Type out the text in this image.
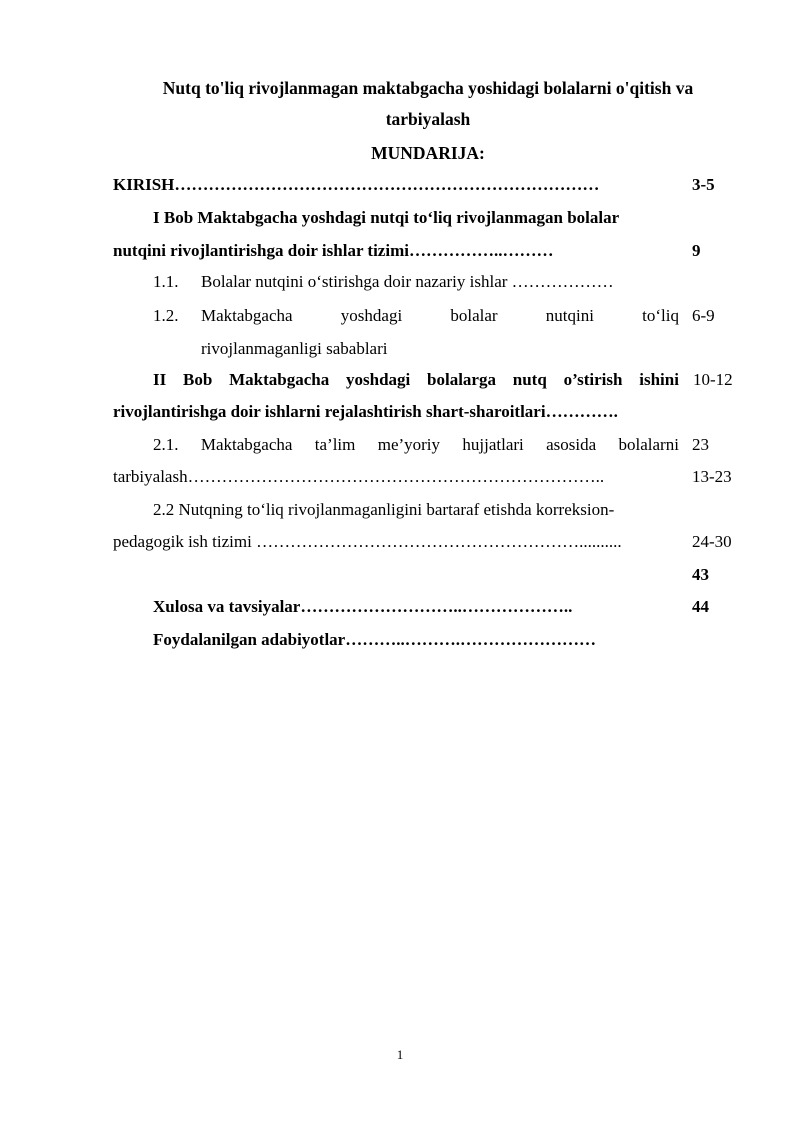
Nutq to'liq rivojlanmagan maktabgacha yoshidagi bolalarni o'qitish va
tarbiyalash
MUNDARIJA:
KIRISH…………………………………………………………………	3-5
I Bob Maktabgacha yoshdagi nutqi to‘liq rivojlanmagan bolalar
nutqini rivojlantirishga doir ishlar tizimi……………..………	9
1.1. Bolalar nutqini o‘stirishga doir nazariy ishlar ………………
1.2. Maktabgacha	yoshdagi	bolalar	nutqini	to‘liq 6-9
rivojlanmaganligi sabablari
II Bob Maktabgacha yoshdagi bolalarga nutq o’stirish ishini 10-12
rivojlantirishga doir ishlarni rejalashtirish shart-sharoitlari………….
2.1. Maktabgacha ta’lim me’yoriy hujjatlari asosida bolalarni 23
tarbiyalash………………………………………………………………..	13-23
2.2 Nutqning to‘liq rivojlanmaganligini bartaraf etishda korreksion-
pedagogik ish tizimi …………………………………………………..........	24-30
43
Xulosa va tavsiyalar………………………..………………..	44
Foydalanilgan adabiyotlar………..……….……………………
1
